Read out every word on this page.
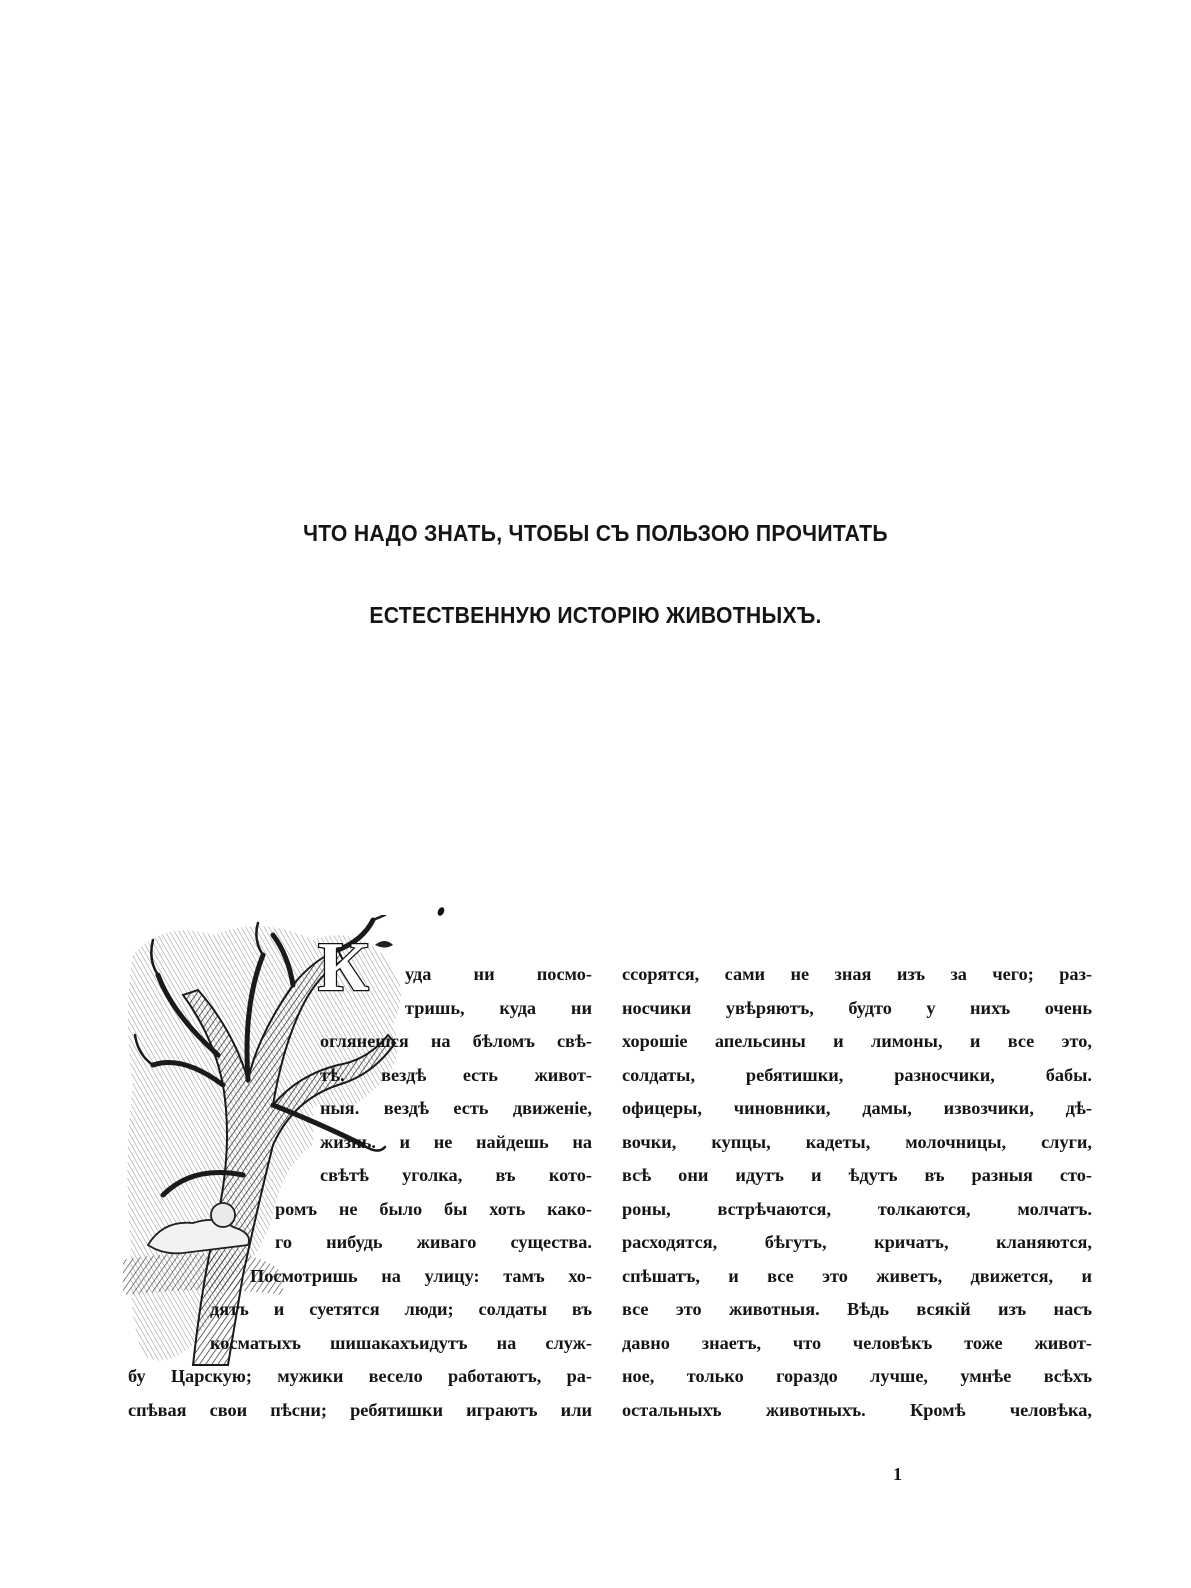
ЧТО НАДО ЗНАТЬ, ЧТОБЫ СЪ ПОЛЬЗОЮ ПРОЧИТАТЬ
ЕСТЕСТВЕННУЮ ИСТОРІЮ ЖИВОТНЫХЪ.
К уда ни посмо-
тришь, куда ни
оглянешся на бѣломъ свѣ-
тѣ. вездѣ есть живот-
ныя. вездѣ есть движеніе,
жизнь. и не найдешь на
свѣтѣ уголка, въ кото-
ромъ не было бы хоть како-
го нибудь живаго существа.
Посмотришь на улицу: тамъ хо-
дятъ и суетятся люди; солдаты въ
косматыхъ шишакахъидутъ на служ-
бу Царскую; мужики весело работаютъ, ра-
спѣвая свои пѣсни; ребятишки играютъ или
ссорятся, сами не зная изъ за чего; раз-
носчики увѣряютъ, будто у нихъ очень
хорошіе апельсины и лимоны, и все это,
солдаты, ребятишки, разносчики, бабы.
офицеры, чиновники, дамы, извозчики, дѣ-
вочки, купцы, кадеты, молочницы, слуги,
всѣ они идутъ и ѣдутъ въ разныя сто-
роны, встрѣчаются, толкаются, молчатъ.
расходятся, бѣгутъ, кричатъ, кланяются,
спѣшатъ, и все это живетъ, движется, и
все это животныя. Вѣдь всякій изъ насъ
давно знаетъ, что человѣкъ тоже живот-
ное, только гораздо лучше, умнѣе всѣхъ
остальныхъ животныхъ. Кромѣ человѣка,
1
